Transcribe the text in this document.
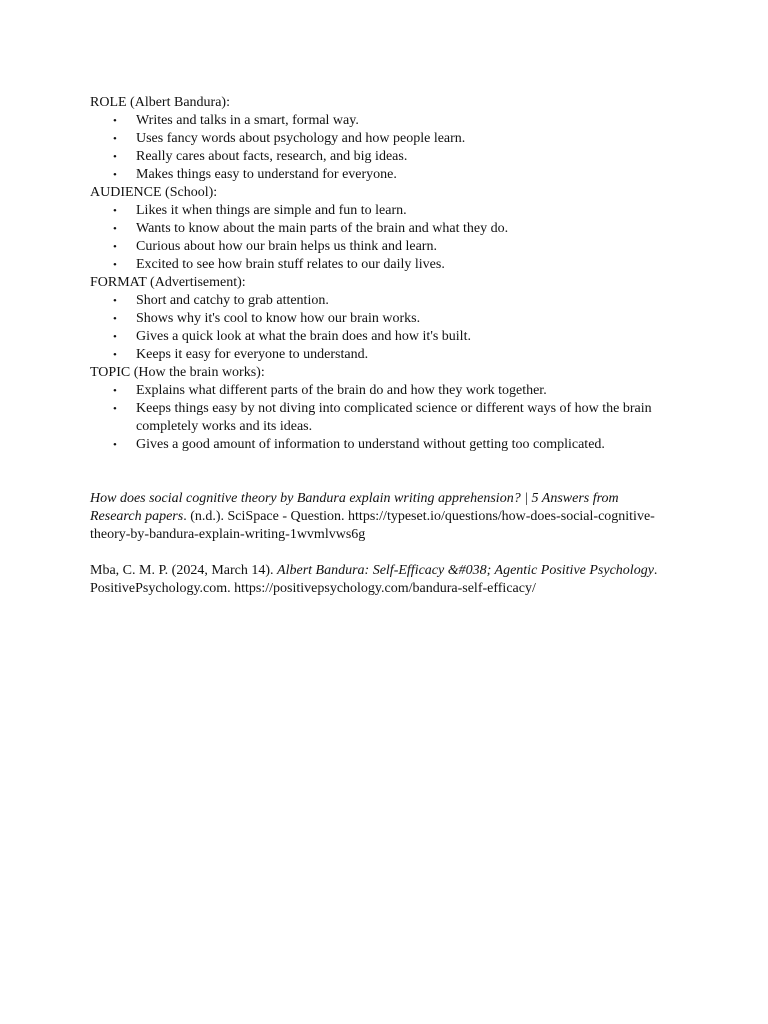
ROLE (Albert Bandura):
•	Writes and talks in a smart, formal way.
•	Uses fancy words about psychology and how people learn.
•	Really cares about facts, research, and big ideas.
•	Makes things easy to understand for everyone.
AUDIENCE (School):
•	Likes it when things are simple and fun to learn.
•	Wants to know about the main parts of the brain and what they do.
•	Curious about how our brain helps us think and learn.
•	Excited to see how brain stuff relates to our daily lives.
FORMAT (Advertisement):
•	Short and catchy to grab attention.
•	Shows why it's cool to know how our brain works.
•	Gives a quick look at what the brain does and how it's built.
•	Keeps it easy for everyone to understand.
TOPIC (How the brain works):
•	Explains what different parts of the brain do and how they work together.
•	Keeps things easy by not diving into complicated science or different ways of how the brain completely works and its ideas.
•	Gives a good amount of information to understand without getting too complicated.

How does social cognitive theory by Bandura explain writing apprehension? | 5 Answers from Research papers. (n.d.). SciSpace - Question. https://typeset.io/questions/how-does-social-cognitive-theory-by-bandura-explain-writing-1wvmlvws6g

Mba, C. M. P. (2024, March 14). Albert Bandura: Self-Efficacy &#038; Agentic Positive Psychology. PositivePsychology.com. https://positivepsychology.com/bandura-self-efficacy/
